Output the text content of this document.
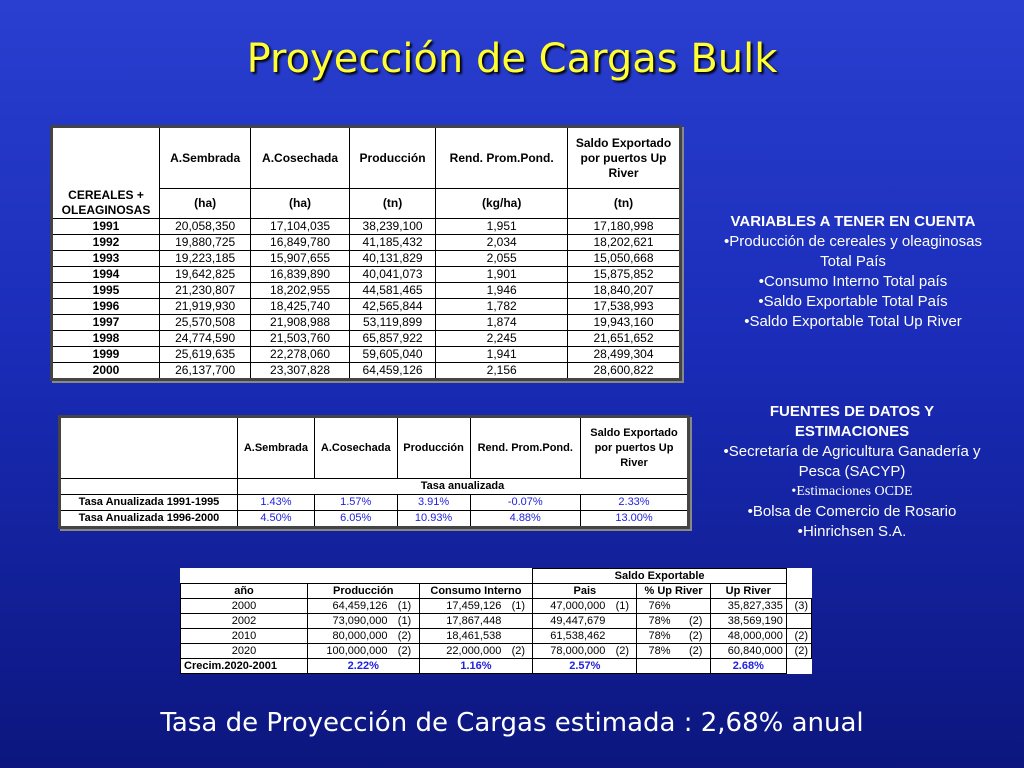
Proyección de Cargas Bulk
CEREALES + OLEAGINOSAS	A.Sembrada	A.Cosechada	Producción	Rend. Prom.Pond.	Saldo Exportado por puertos Up River
	(ha)	(ha)	(tn)	(kg/ha)	(tn)
1991	20,058,350	17,104,035	38,239,100	1,951	17,180,998
1992	19,880,725	16,849,780	41,185,432	2,034	18,202,621
1993	19,223,185	15,907,655	40,131,829	2,055	15,050,668
1994	19,642,825	16,839,890	40,041,073	1,901	15,875,852
1995	21,230,807	18,202,955	44,581,465	1,946	18,840,207
1996	21,919,930	18,425,740	42,565,844	1,782	17,538,993
1997	25,570,508	21,908,988	53,119,899	1,874	19,943,160
1998	24,774,590	21,503,760	65,857,922	2,245	21,651,652
1999	25,619,635	22,278,060	59,605,040	1,941	28,499,304
2000	26,137,700	23,307,828	64,459,126	2,156	28,600,822
	A.Sembrada	A.Cosechada	Producción	Rend. Prom.Pond.	Saldo Exportado por puertos Up River
	Tasa anualizada				
Tasa Anualizada 1991-1995	1.43%	1.57%	3.91%	-0.07%	2.33%
Tasa Anualizada 1996-2000	4.50%	6.05%	10.93%	4.88%	13.00%
					Saldo Exportable					
año	Producción		Consumo Interno		Pais		% Up River		Up River	
2000	64,459,126	(1)	17,459,126	(1)	47,000,000	(1)	76%		35,827,335	(3)
2002	73,090,000	(1)	17,867,448		49,447,679		78%	(2)	38,569,190	
2010	80,000,000	(2)	18,461,538		61,538,462		78%	(2)	48,000,000	(2)
2020	100,000,000	(2)	22,000,000	(2)	78,000,000	(2)	78%	(2)	60,840,000	(2)
Crecim.2020-2001	2.22%		1.16%		2.57%				2.68%	
VARIABLES A TENER EN CUENTA
• Producción de cereales y oleaginosas Total País
• Consumo Interno Total país
• Saldo Exportable Total País
• Saldo Exportable Total Up River
FUENTES DE DATOS Y ESTIMACIONES
• Secretaría de Agricultura Ganadería y Pesca (SACYP)
• Estimaciones OCDE
• Bolsa de Comercio de Rosario
• Hinrichsen S.A.
Tasa de Proyección de Cargas estimada : 2,68% anual
